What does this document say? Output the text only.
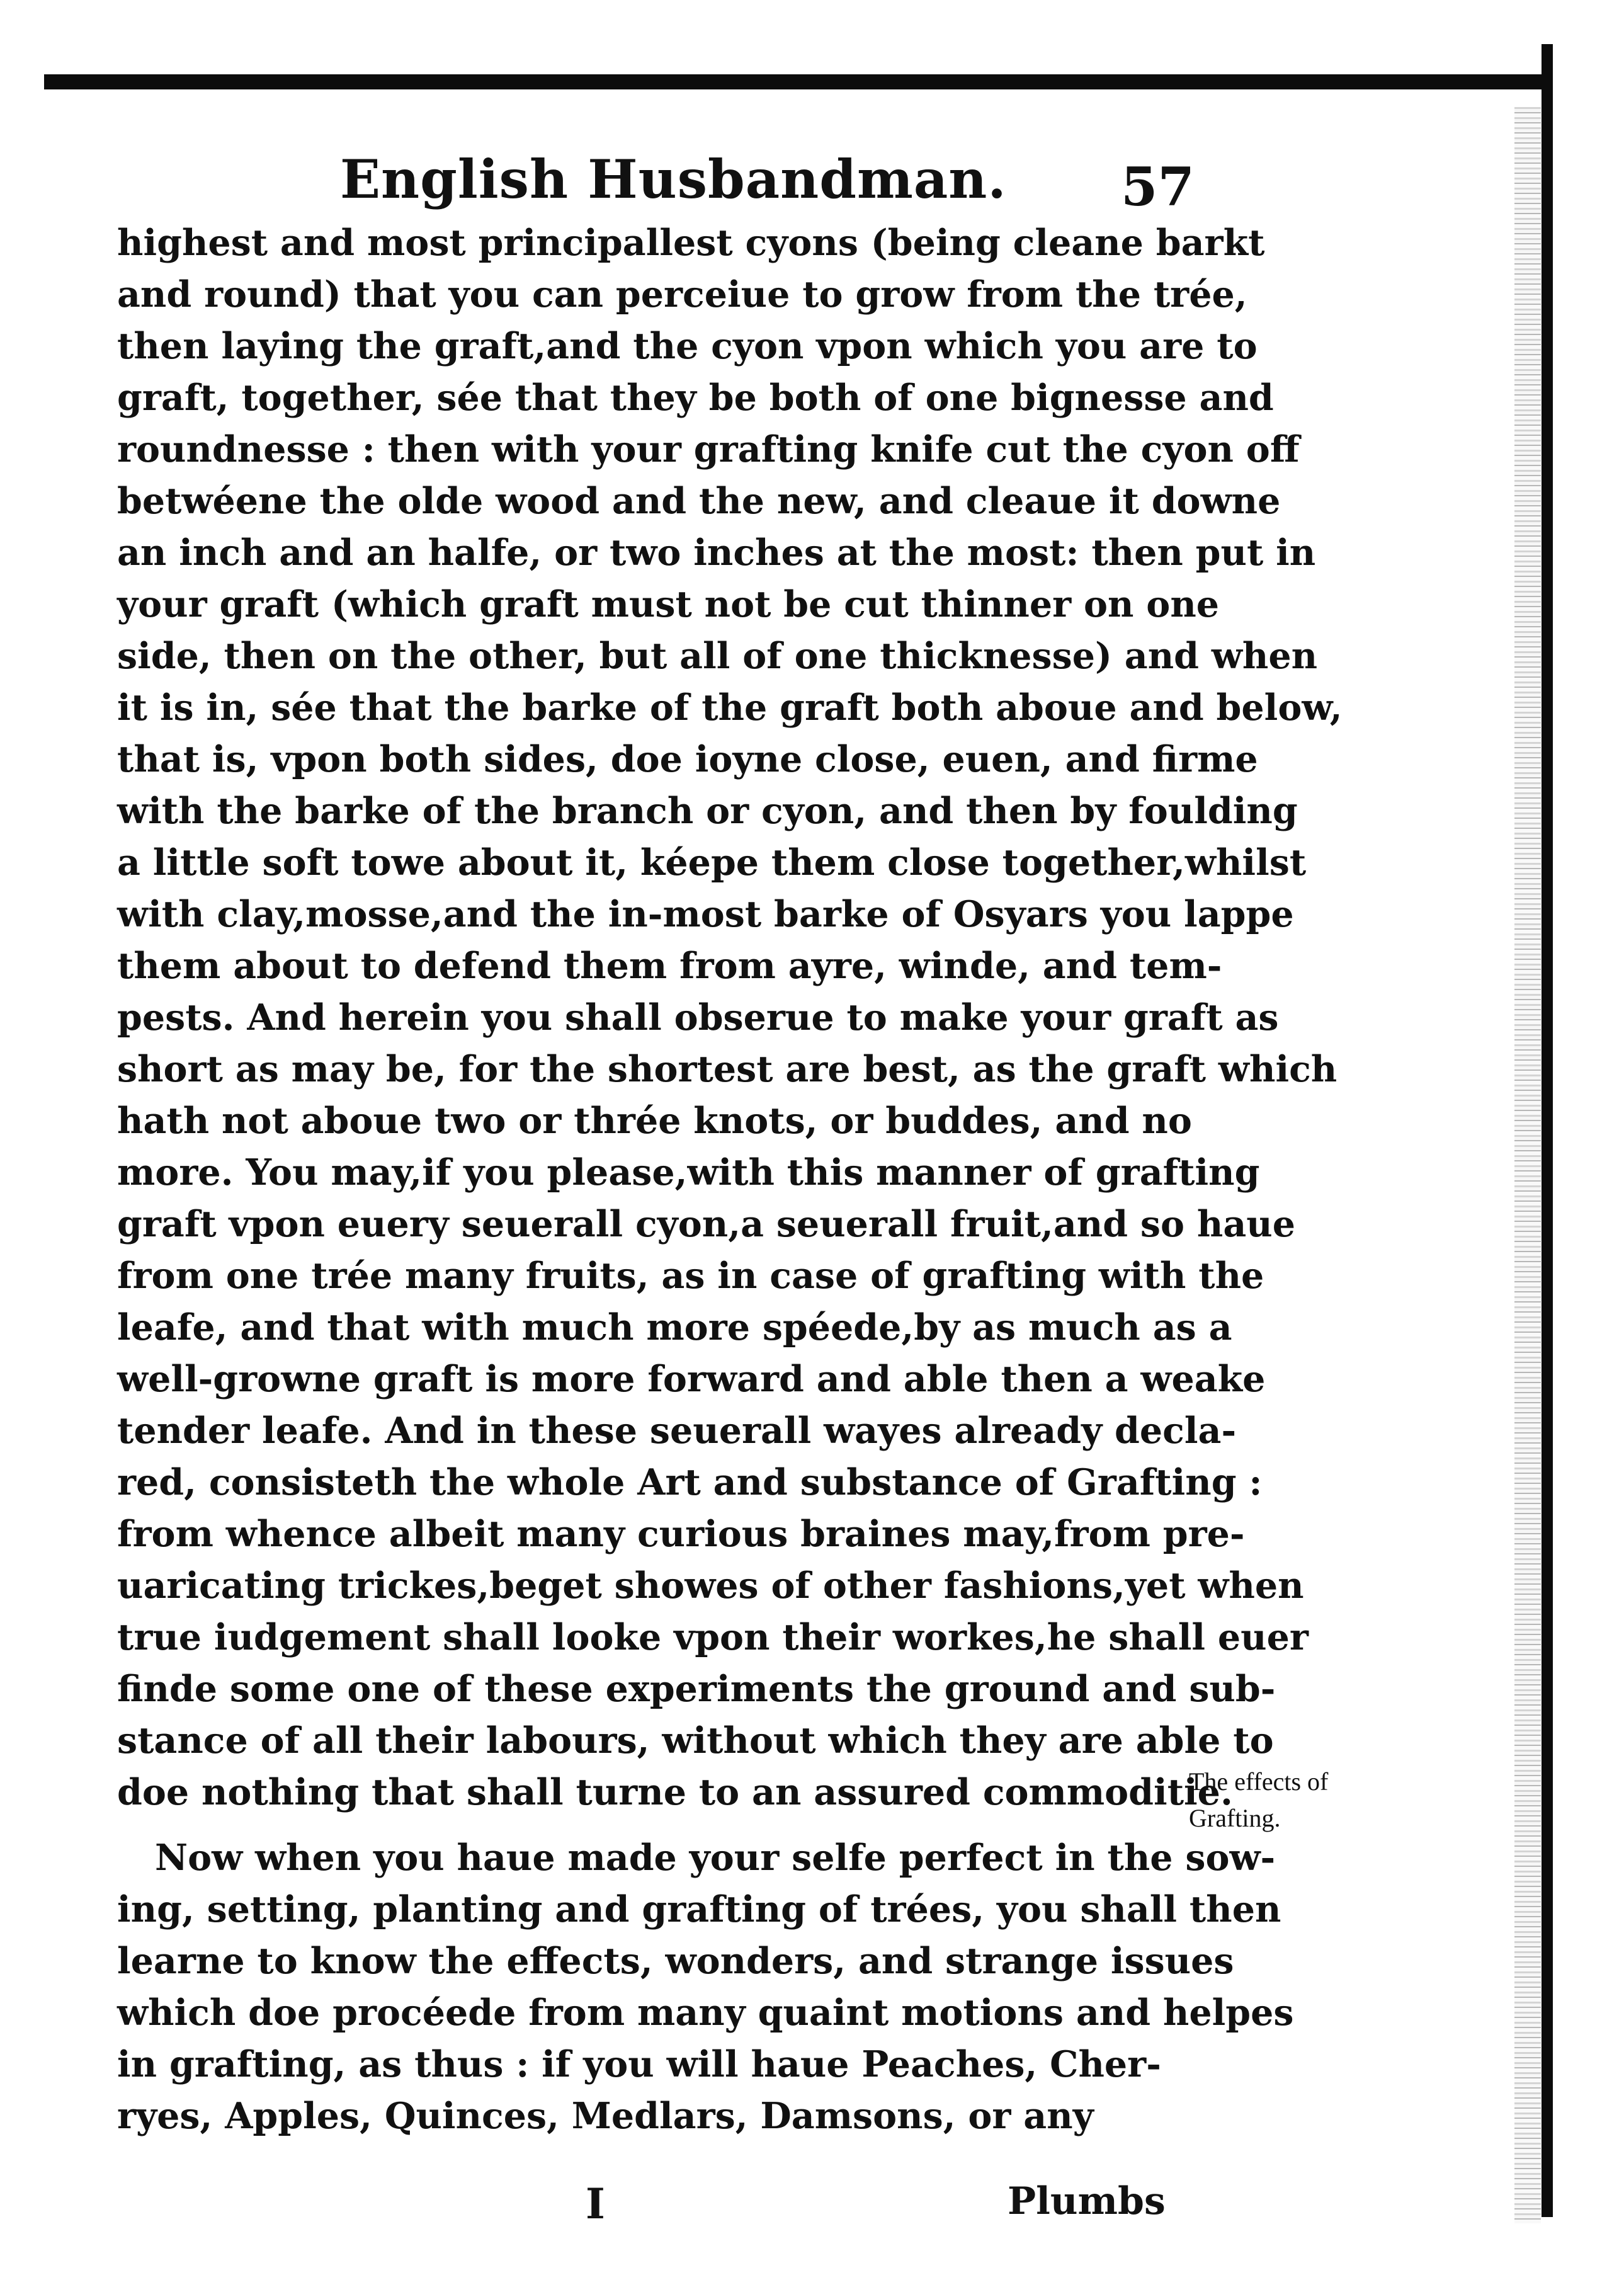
English Husbandman. 57
highest and most principallest cyons (being cleane barkt
and round) that you can perceiue to grow from the trée,
then laying the graft,and the cyon vpon which you are to
graft, together, sée that they be both of one bignesse and
roundnesse : then with your grafting knife cut the cyon off
betwéene the olde wood and the new, and cleaue it downe
an inch and an halfe, or two inches at the most: then put in
your graft (which graft must not be cut thinner on one
side, then on the other, but all of one thicknesse) and when
it is in, sée that the barke of the graft both aboue and below,
that is, vpon both sides, doe ioyne close, euen, and firme
with the barke of the branch or cyon, and then by foulding
a little soft towe about it, kéepe them close together,whilst
with clay,mosse,and the in-most barke of Osyars you lappe
them about to defend them from ayre, winde, and tem-
pests. And herein you shall obserue to make your graft as
short as may be, for the shortest are best, as the graft which
hath not aboue two or thrée knots, or buddes, and no
more. You may,if you please,with this manner of grafting
graft vpon euery seuerall cyon,a seuerall fruit,and so haue
from one trée many fruits, as in case of grafting with the
leafe, and that with much more spéede,by as much as a
well-growne graft is more forward and able then a weake
tender leafe. And in these seuerall wayes already decla-
red, consisteth the whole Art and substance of Grafting :
from whence albeit many curious braines may,from pre-
uaricating trickes,beget showes of other fashions,yet when
true iudgement shall looke vpon their workes,he shall euer
finde some one of these experiments the ground and sub-
stance of all their labours, without which they are able to
doe nothing that shall turne to an assured commoditie.
Now when you haue made your selfe perfect in the sow-
ing, setting, planting and grafting of trées, you shall then
learne to know the effects, wonders, and strange issues
which doe procéede from many quaint motions and helpes
in grafting, as thus : if you will haue Peaches, Cher-
ryes, Apples, Quinces, Medlars, Damsons, or any
The effects of
Grafting.
I	Plumbs
